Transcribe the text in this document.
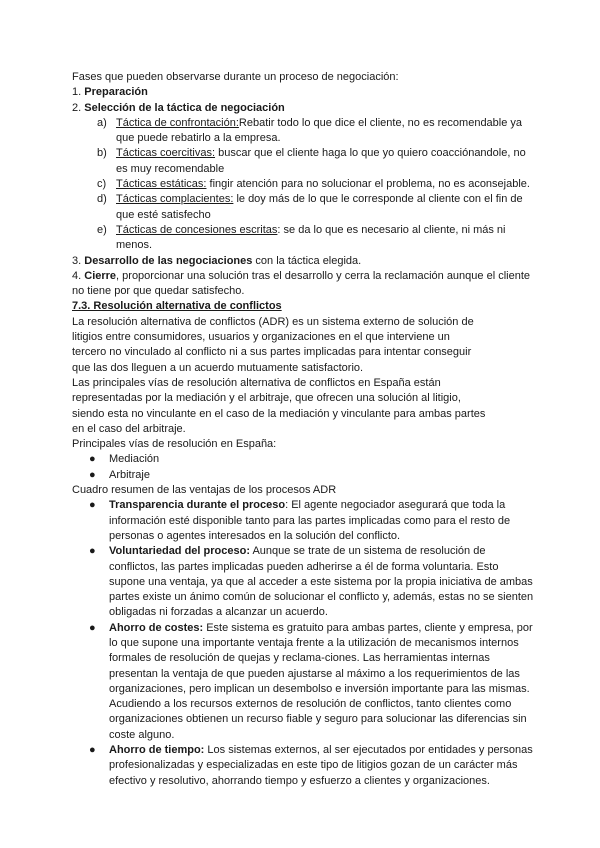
Fases que pueden observarse durante un proceso de negociación:

1. Preparación

2. Selección de la táctica de negociación

a) Táctica de confrontación:Rebatir todo lo que dice el cliente, no es recomendable ya que puede rebatirlo a la empresa.

b) Tácticas coercitivas: buscar que el cliente haga lo que yo quiero coacciónandole, no es muy recomendable

c) Tácticas estáticas: fingir atención para no solucionar el problema, no es aconsejable.

d) Tácticas complacientes: le doy más de lo que le corresponde al cliente con el fin de que esté satisfecho

e) Tácticas de concesiones escritas: se da lo que es necesario al cliente, ni más ni menos.

3. Desarrollo de las negociaciones con la táctica elegida.

4. Cierre, proporcionar una solución tras el desarrollo y cerra la reclamación aunque el cliente no tiene por que quedar satisfecho.

7.3. Resolución alternativa de conflictos

La resolución alternativa de conflictos (ADR) es un sistema externo de solución de litigios entre consumidores, usuarios y organizaciones en el que interviene un tercero no vinculado al conflicto ni a sus partes implicadas para intentar conseguir que las dos lleguen a un acuerdo mutuamente satisfactorio.

Las principales vías de resolución alternativa de conflictos en España están representadas por la mediación y el arbitraje, que ofrecen una solución al litigio, siendo esta no vinculante en el caso de la mediación y vinculante para ambas partes en el caso del arbitraje.

Principales vías de resolución en España:

● Mediación

● Arbitraje

Cuadro resumen de las ventajas de los procesos ADR

● Transparencia durante el proceso: El agente negociador asegurará que toda la información esté disponible tanto para las partes implicadas como para el resto de personas o agentes interesados en la solución del conflicto.

● Voluntariedad del proceso: Aunque se trate de un sistema de resolución de conflictos, las partes implicadas pueden adherirse a él de forma voluntaria. Esto supone una ventaja, ya que al acceder a este sistema por la propia iniciativa de ambas partes existe un ánimo común de solucionar el conflicto y, además, estas no se sienten obligadas ni forzadas a alcanzar un acuerdo.

● Ahorro de costes: Este sistema es gratuito para ambas partes, cliente y empresa, por lo que supone una importante ventaja frente a la utilización de mecanismos internos formales de resolución de quejas y reclama-ciones. Las herramientas internas presentan la ventaja de que pueden ajustarse al máximo a los requerimientos de las organizaciones, pero implican un desembolso e inversión importante para las mismas. Acudiendo a los recursos externos de resolución de conflictos, tanto clientes como organizaciones obtienen un recurso fiable y seguro para solucionar las diferencias sin coste alguno.

● Ahorro de tiempo: Los sistemas externos, al ser ejecutados por entidades y personas profesionalizadas y especializadas en este tipo de litigios gozan de un carácter más efectivo y resolutivo, ahorrando tiempo y esfuerzo a clientes y organizaciones.
